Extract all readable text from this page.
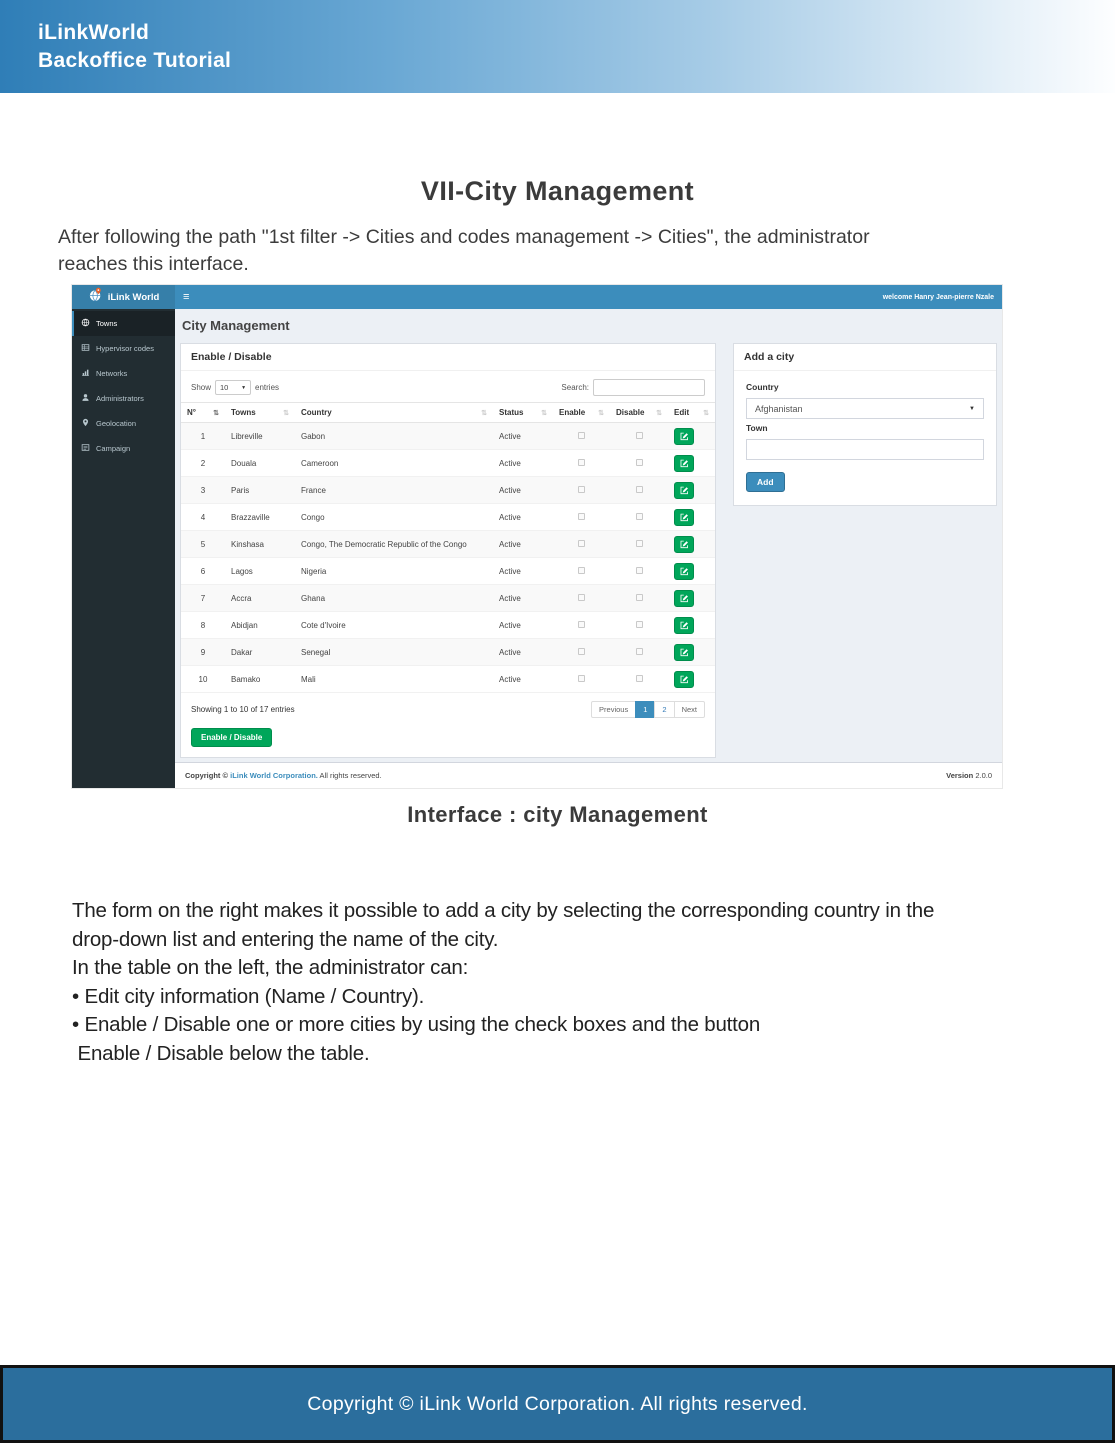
iLinkWorld
Backoffice Tutorial
VII-City Management
After following the path "1st filter -> Cities and codes management -> Cities", the administrator
reaches this interface.
iLink World ≡	welcome Hanry Jean-pierre Nzale
Towns
Hypervisor codes
Networks
Administrators
Geolocation
Campaign
City Management
Enable / Disable
Show 10	▼ entries	Search:
N° ⇅ Towns	⇅ Country	⇅ Status	⇅ Enable ⇅ Disable ⇅ Edit ⇅
1	Libreville	Gabon	Active
2	Douala	Cameroon	Active
3	Paris	France	Active
4	Brazzaville	Congo	Active
5	Kinshasa	Congo, The Democratic Republic of the Congo	Active
6	Lagos	Nigeria	Active
7	Accra	Ghana	Active
8	Abidjan	Cote d'Ivoire	Active
9	Dakar	Senegal	Active
10	Bamako	Mali	Active
Showing 1 to 10 of 17 entries	Previous	1	2	Next
Enable / Disable
Add a city
Country
Afghanistan	▼
Town

Add
Copyright © iLink World Corporation. All rights reserved.	Version 2.0.0
Interface : city Management
The form on the right makes it possible to add a city by selecting the corresponding country in the
drop-down list and entering the name of the city.
In the table on the left, the administrator can:
• Edit city information (Name / Country).
• Enable / Disable one or more cities by using the check boxes and the button
Enable / Disable below the table.
Copyright © iLink World Corporation. All rights reserved.
